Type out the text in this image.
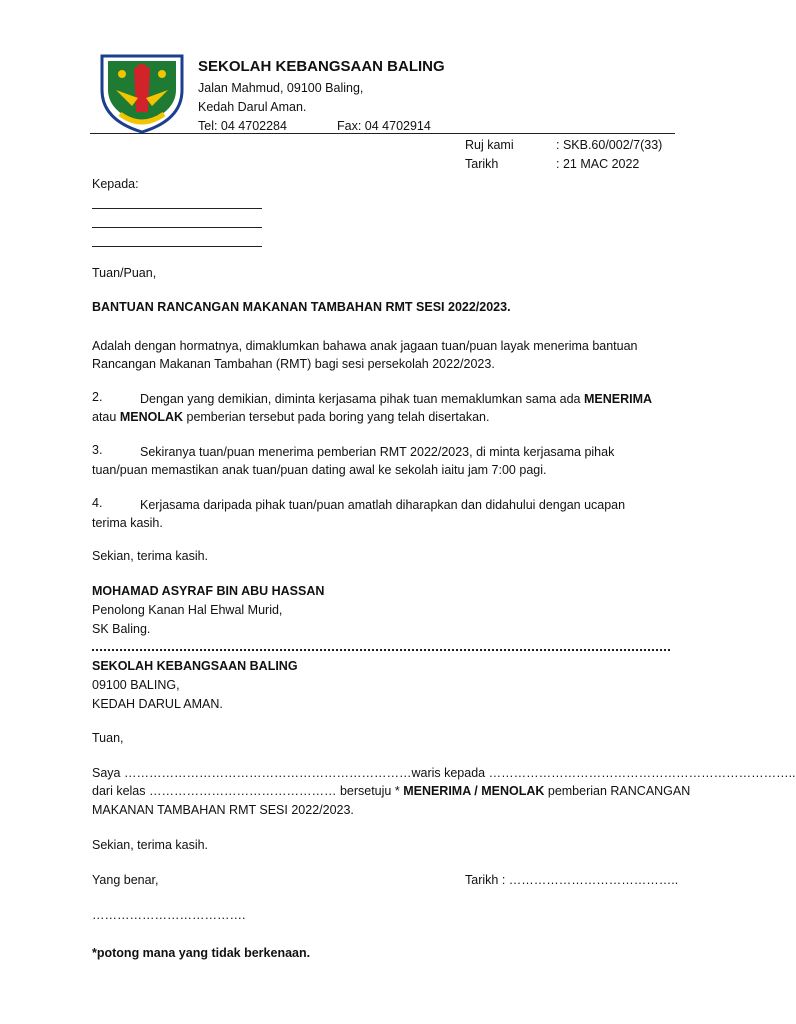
SEKOLAH KEBANGSAAN BALING
Jalan Mahmud, 09100 Baling,
Kedah Darul Aman.
Tel: 04 4702284	Fax: 04 4702914
Ruj kami	: SKB.60/002/7(33)
Tarikh	: 21 MAC 2022
Kepada:
Tuan/Puan,
BANTUAN RANCANGAN MAKANAN TAMBAHAN RMT SESI 2022/2023.

Adalah dengan hormatnya, dimaklumkan bahawa anak jagaan tuan/puan layak menerima bantuan Rancangan Makanan Tambahan (RMT) bagi sesi persekolah 2022/2023.

2.	Dengan yang demikian, diminta kerjasama pihak tuan memaklumkan sama ada MENERIMA atau MENOLAK pemberian tersebut pada boring yang telah disertakan.

3.	Sekiranya tuan/puan menerima pemberian RMT 2022/2023, di minta kerjasama pihak tuan/puan memastikan anak tuan/puan dating awal ke sekolah iaitu jam 7:00 pagi.

4.	Kerjasama daripada pihak tuan/puan amatlah diharapkan dan didahului dengan ucapan terima kasih.

Sekian, terima kasih.
MOHAMAD ASYRAF BIN ABU HASSAN
Penolong Kanan Hal Ehwal Murid,
SK Baling.
SEKOLAH KEBANGSAAN BALING
09100 BALING,
KEDAH DARUL AMAN.
Tuan,
Saya ……………………………………………………………waris kepada ………………………………………………………………..
dari kelas ……………………………………… bersetuju * MENERIMA / MENOLAK pemberian RANCANGAN
MAKANAN TAMBAHAN RMT SESI 2022/2023.
Sekian, terima kasih.
Yang benar,	Tarikh : …………………………………..
……………………………….
*potong mana yang tidak berkenaan.
